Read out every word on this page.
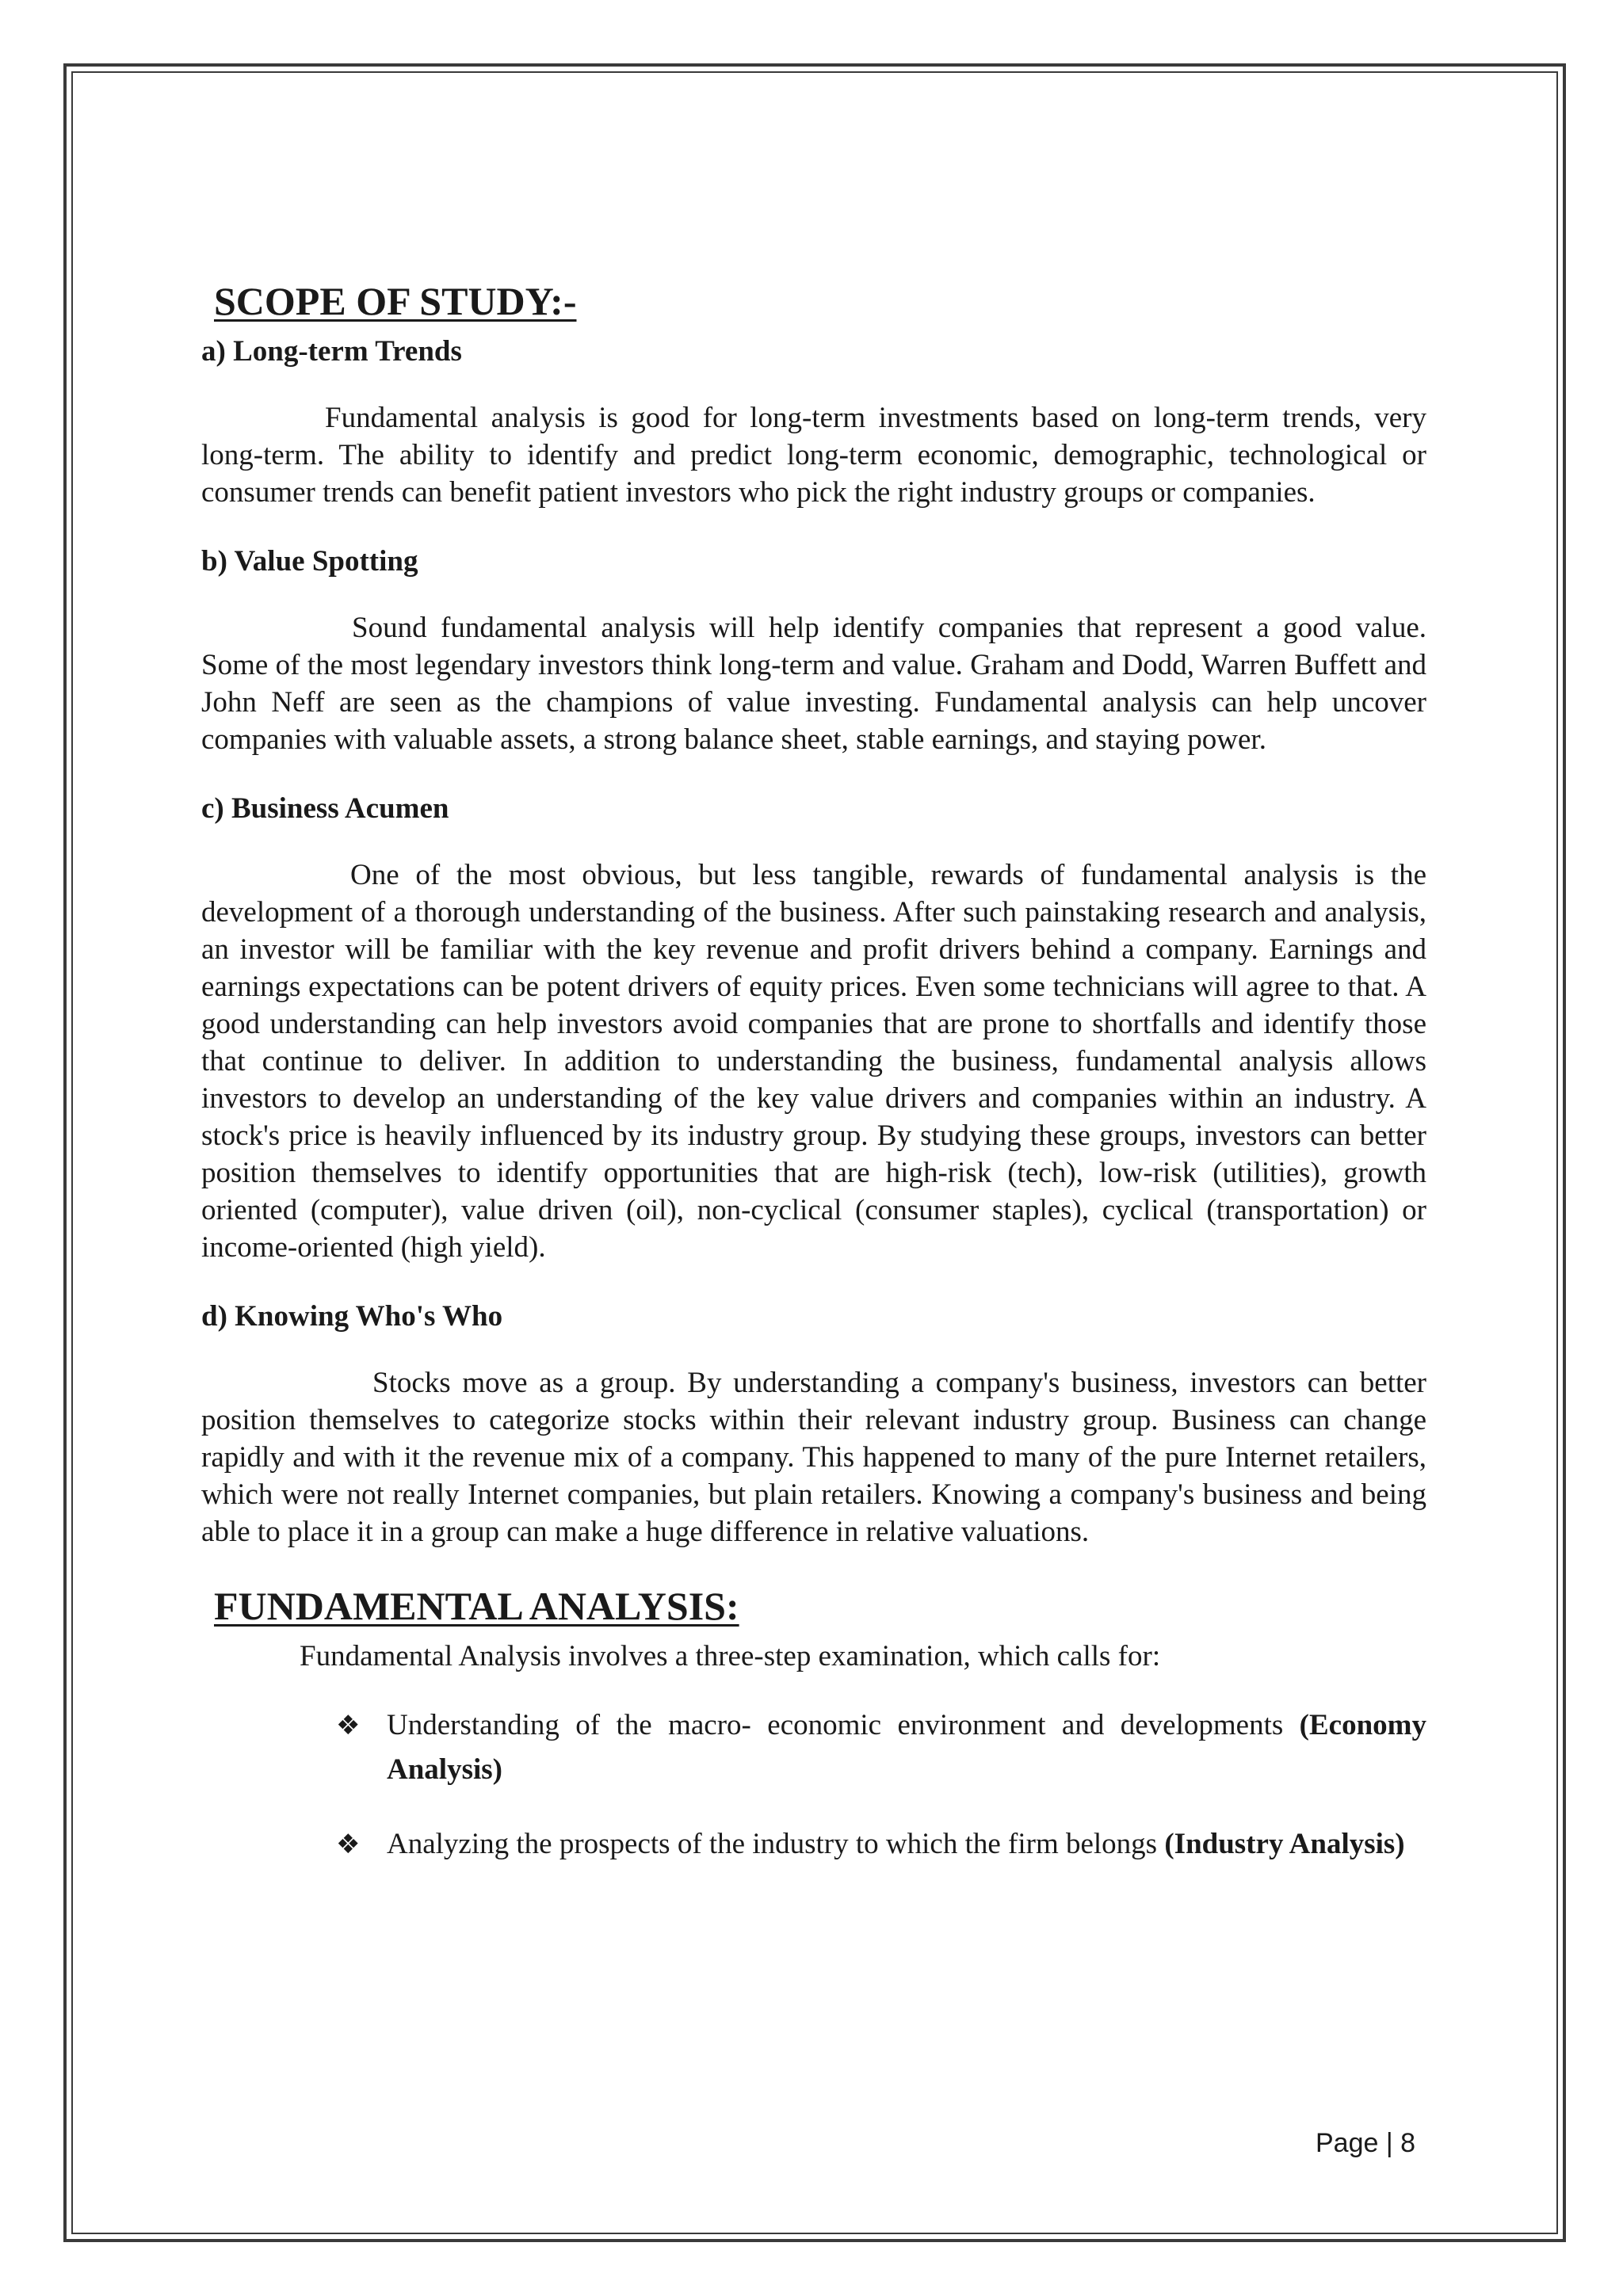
SCOPE OF STUDY:-

a) Long-term Trends

Fundamental analysis is good for long-term investments based on long-term trends, very long-term. The ability to identify and predict long-term economic, demographic, technological or consumer trends can benefit patient investors who pick the right industry groups or companies.

b) Value Spotting

Sound fundamental analysis will help identify companies that represent a good value. Some of the most legendary investors think long-term and value. Graham and Dodd, Warren Buffett and John Neff are seen as the champions of value investing. Fundamental analysis can help uncover companies with valuable assets, a strong balance sheet, stable earnings, and staying power.

c) Business Acumen

One of the most obvious, but less tangible, rewards of fundamental analysis is the development of a thorough understanding of the business. After such painstaking research and analysis, an investor will be familiar with the key revenue and profit drivers behind a company. Earnings and earnings expectations can be potent drivers of equity prices. Even some technicians will agree to that. A good understanding can help investors avoid companies that are prone to shortfalls and identify those that continue to deliver. In addition to understanding the business, fundamental analysis allows investors to develop an understanding of the key value drivers and companies within an industry. A stock's price is heavily influenced by its industry group. By studying these groups, investors can better position themselves to identify opportunities that are high-risk (tech), low-risk (utilities), growth oriented (computer), value driven (oil), non-cyclical (consumer staples), cyclical (transportation) or income-oriented (high yield).

d) Knowing Who's Who

Stocks move as a group. By understanding a company's business, investors can better position themselves to categorize stocks within their relevant industry group. Business can change rapidly and with it the revenue mix of a company. This happened to many of the pure Internet retailers, which were not really Internet companies, but plain retailers. Knowing a company's business and being able to place it in a group can make a huge difference in relative valuations.

FUNDAMENTAL ANALYSIS:

Fundamental Analysis involves a three-step examination, which calls for:

❖ Understanding of the macro- economic environment and developments (Economy Analysis)
❖ Analyzing the prospects of the industry to which the firm belongs (Industry Analysis)
Page | 8
